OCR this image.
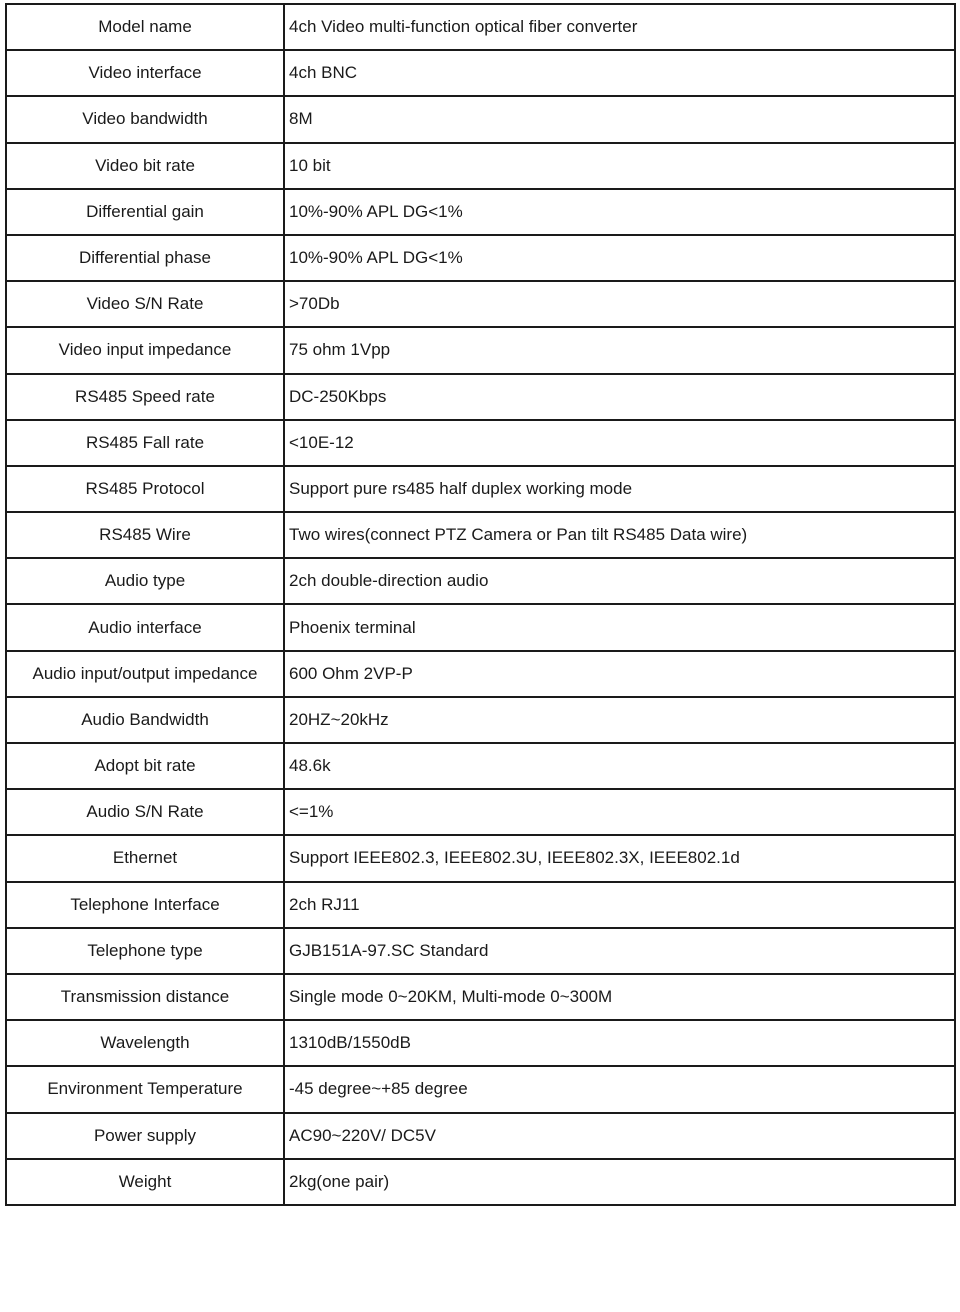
Model name	4ch Video multi-function optical fiber converter
Video interface	4ch BNC
Video bandwidth	8M
Video bit rate	10 bit
Differential gain	10%-90% APL DG<1%
Differential phase	10%-90% APL DG<1%
Video S/N Rate	>70Db
Video input impedance	75 ohm 1Vpp
RS485 Speed rate	DC-250Kbps
RS485 Fall rate	<10E-12
RS485 Protocol	Support pure rs485 half duplex working mode
RS485 Wire	Two wires(connect PTZ Camera or Pan tilt RS485 Data wire)
Audio type	2ch double-direction audio
Audio interface	Phoenix terminal
Audio input/output impedance	600 Ohm 2VP-P
Audio Bandwidth	20HZ~20kHz
Adopt bit rate	48.6k
Audio S/N Rate	<=1%
Ethernet	Support IEEE802.3, IEEE802.3U, IEEE802.3X, IEEE802.1d
Telephone Interface	2ch RJ11
Telephone type	GJB151A-97.SC Standard
Transmission distance	Single mode 0~20KM, Multi-mode 0~300M
Wavelength	1310dB/1550dB
Environment Temperature	-45 degree~+85 degree
Power supply	AC90~220V/ DC5V
Weight	2kg(one pair)
